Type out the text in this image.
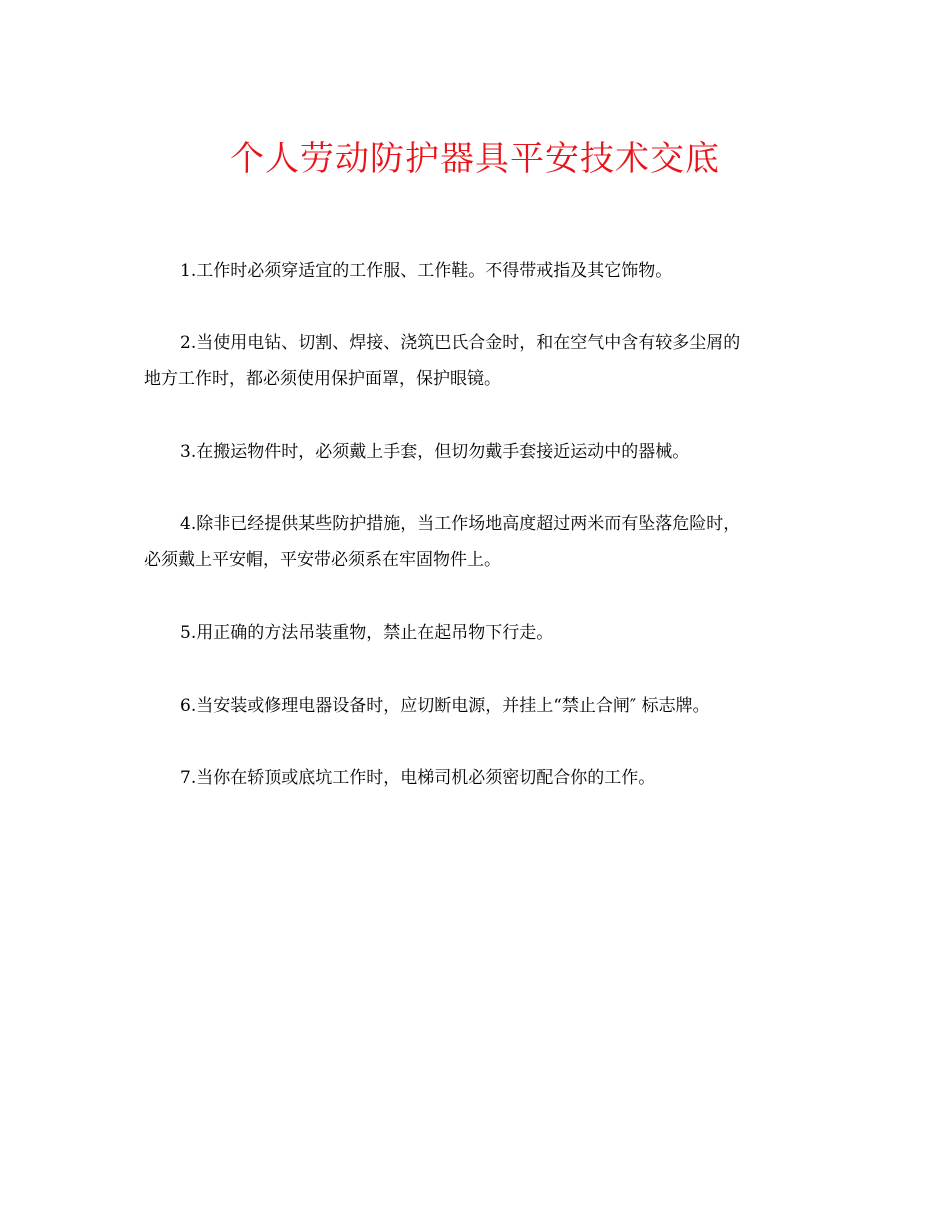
个人劳动防护器具平安技术交底

1.工作时必须穿适宜的工作服、工作鞋。不得带戒指及其它饰物。

2.当使用电钻、切割、焊接、浇筑巴氏合金时，和在空气中含有较多尘屑的
地方工作时，都必须使用保护面罩，保护眼镜。

3.在搬运物件时，必须戴上手套，但切勿戴手套接近运动中的器械。

4.除非已经提供某些防护措施，当工作场地高度超过两米而有坠落危险时，
必须戴上平安帽，平安带必须系在牢固物件上。

5.用正确的方法吊装重物，禁止在起吊物下行走。

6.当安装或修理电器设备时，应切断电源，并挂上“禁止合闸″ 标志牌。

7.当你在轿顶或底坑工作时，电梯司机必须密切配合你的工作。
